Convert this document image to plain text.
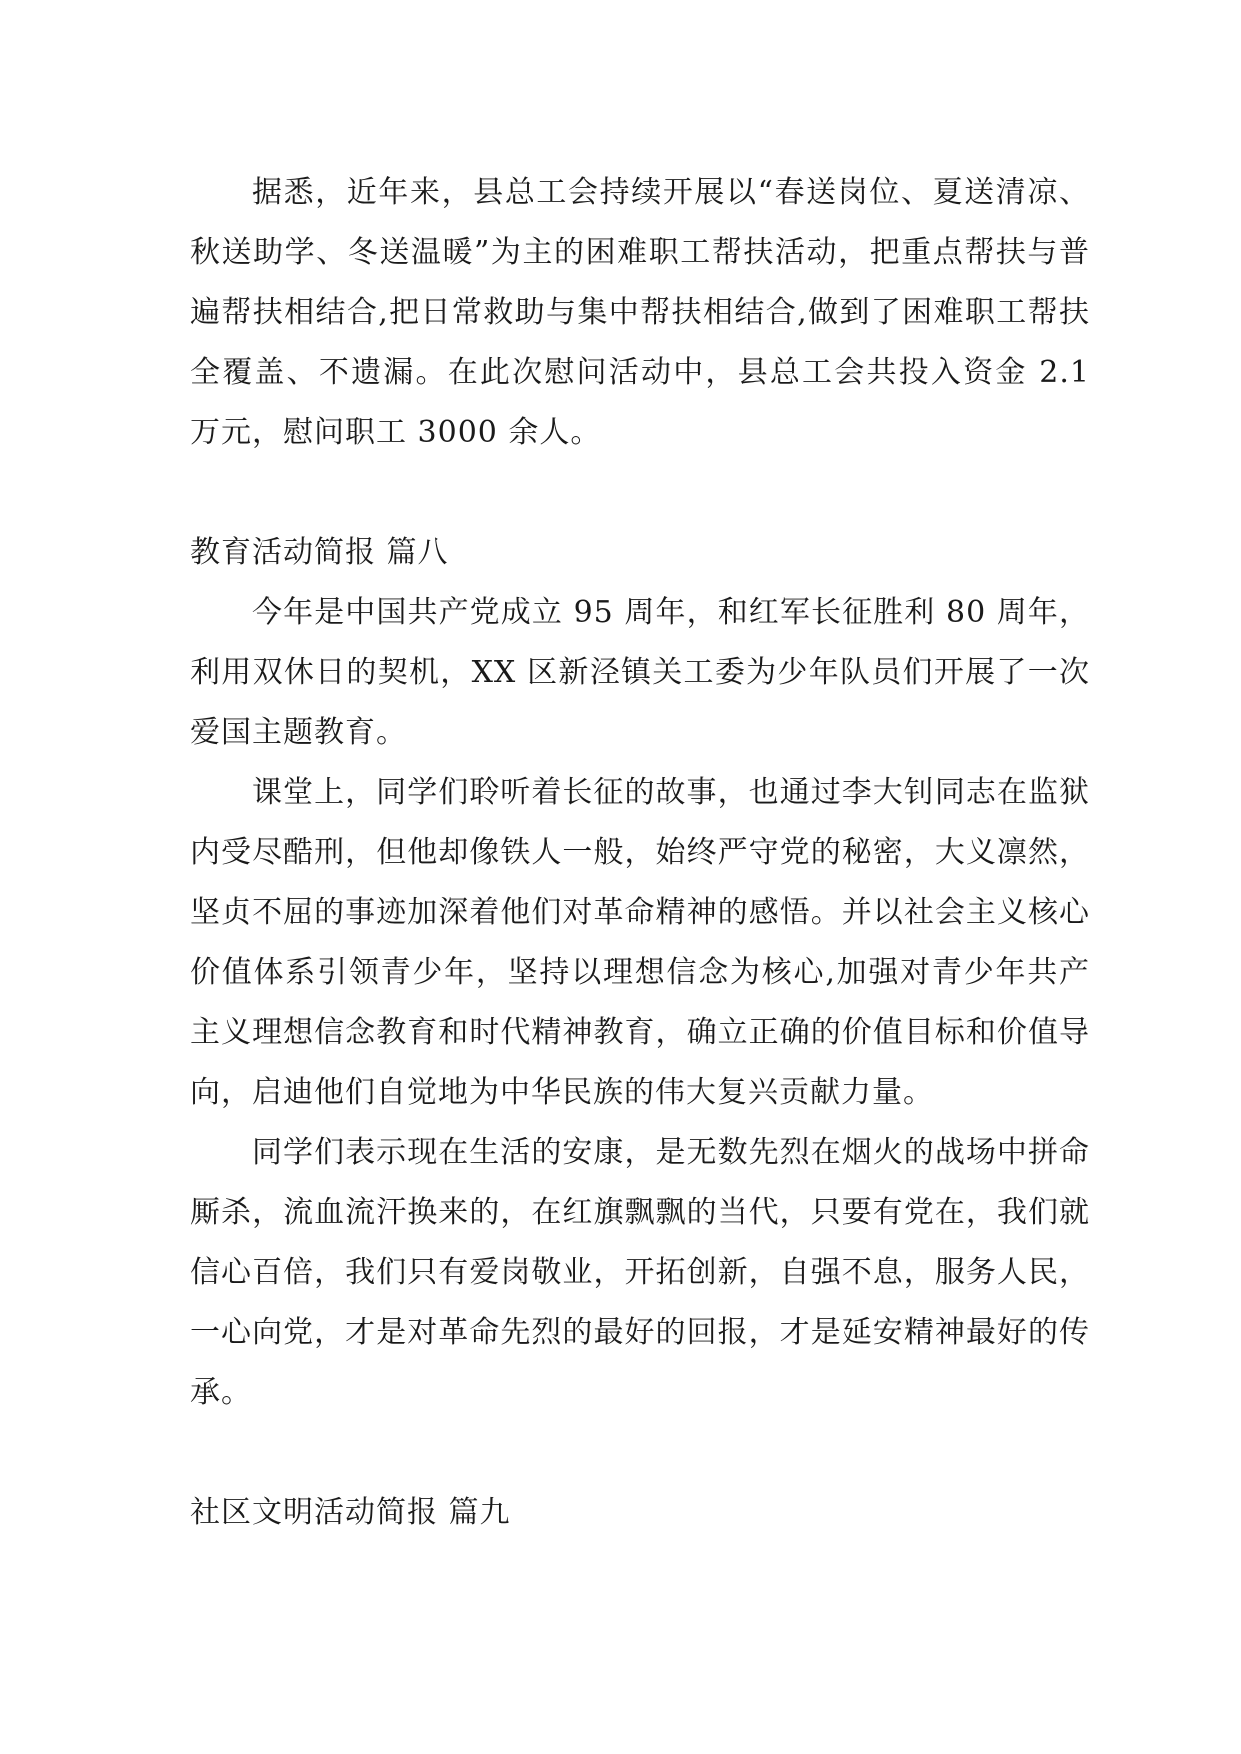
据悉，近年来，县总工会持续开展以“春送岗位、夏送清凉、秋送助学、冬送温暖”为主的困难职工帮扶活动，把重点帮扶与普遍帮扶相结合,把日常救助与集中帮扶相结合,做到了困难职工帮扶全覆盖、不遗漏。在此次慰问活动中，县总工会共投入资金 2.1 万元，慰问职工 3000 余人。

教育活动简报 篇八

今年是中国共产党成立 95 周年，和红军长征胜利 80 周年，利用双休日的契机，XX 区新泾镇关工委为少年队员们开展了一次爱国主题教育。

课堂上，同学们聆听着长征的故事，也通过李大钊同志在监狱内受尽酷刑，但他却像铁人一般，始终严守党的秘密，大义凛然，坚贞不屈的事迹加深着他们对革命精神的感悟。并以社会主义核心价值体系引领青少年，坚持以理想信念为核心,加强对青少年共产主义理想信念教育和时代精神教育，确立正确的价值目标和价值导向，启迪他们自觉地为中华民族的伟大复兴贡献力量。

同学们表示现在生活的安康，是无数先烈在烟火的战场中拼命厮杀，流血流汗换来的，在红旗飘飘的当代，只要有党在，我们就信心百倍，我们只有爱岗敬业，开拓创新，自强不息，服务人民，一心向党，才是对革命先烈的最好的回报，才是延安精神最好的传承。

社区文明活动简报 篇九
